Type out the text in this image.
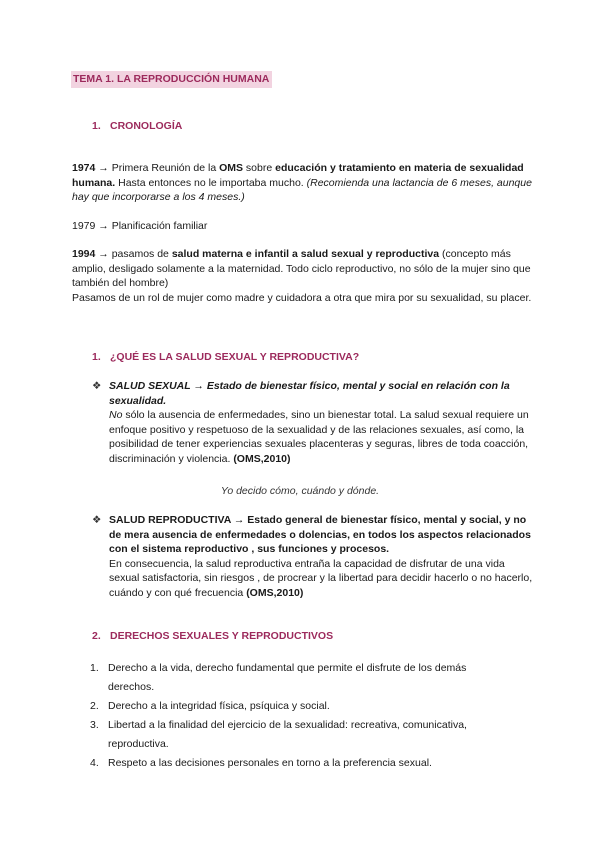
TEMA 1. LA REPRODUCCIÓN HUMANA
1. CRONOLOGÍA
1974 → Primera Reunión de la OMS sobre educación y tratamiento en materia de sexualidad humana. Hasta entonces no le importaba mucho. (Recomienda una lactancia de 6 meses, aunque hay que incorporarse a los 4 meses.)
1979 → Planificación familiar
1994 → pasamos de salud materna e infantil a salud sexual y reproductiva (concepto más amplio, desligado solamente a la maternidad. Todo ciclo reproductivo, no sólo de la mujer sino que también del hombre)
Pasamos de un rol de mujer como madre y cuidadora a otra que mira por su sexualidad, su placer.
1. ¿QUÉ ES LA SALUD SEXUAL Y REPRODUCTIVA?
❖ SALUD SEXUAL → Estado de bienestar físico, mental y social en relación con la sexualidad.
No sólo la ausencia de enfermedades, sino un bienestar total. La salud sexual requiere un enfoque positivo y respetuoso de la sexualidad y de las relaciones sexuales, así como, la posibilidad de tener experiencias sexuales placenteras y seguras, libres de toda coacción, discriminación y violencia. (OMS,2010)
Yo decido cómo, cuándo y dónde.
❖ SALUD REPRODUCTIVA → Estado general de bienestar físico, mental y social, y no de mera ausencia de enfermedades o dolencias, en todos los aspectos relacionados con el sistema reproductivo , sus funciones y procesos.
En consecuencia, la salud reproductiva entraña la capacidad de disfrutar de una vida sexual satisfactoria, sin riesgos , de procrear y la libertad para decidir hacerlo o no hacerlo, cuándo y con qué frecuencia (OMS,2010)
2. DERECHOS SEXUALES Y REPRODUCTIVOS
1. Derecho a la vida, derecho fundamental que permite el disfrute de los demás derechos.
2. Derecho a la integridad física, psíquica y social.
3. Libertad a la finalidad del ejercicio de la sexualidad: recreativa, comunicativa, reproductiva.
4. Respeto a las decisiones personales en torno a la preferencia sexual.
